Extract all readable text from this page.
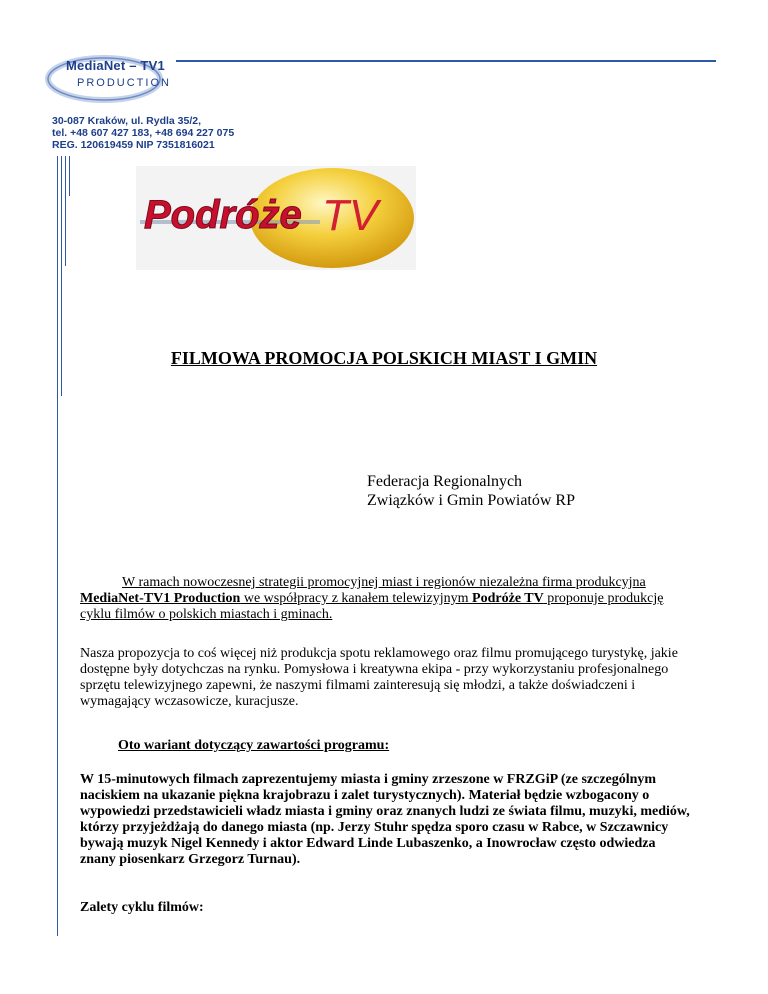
MediaNet – TV1
PRODUCTION
30-087 Kraków, ul. Rydla 35/2,
tel. +48 607 427 183, +48 694 227 075
REG. 120619459 NIP 7351816021
Podróże TV
FILMOWA PROMOCJA POLSKICH MIAST I GMIN
Federacja Regionalnych
Związków i Gmin Powiatów RP
W ramach nowoczesnej strategii promocyjnej miast i regionów niezależna firma produkcyjna MediaNet-TV1 Production we współpracy z kanałem telewizyjnym Podróże TV proponuje produkcję cyklu filmów o polskich miastach i gminach.
Nasza propozycja to coś więcej niż produkcja spotu reklamowego oraz filmu promującego turystykę, jakie dostępne były dotychczas na rynku. Pomysłowa i kreatywna ekipa - przy wykorzystaniu profesjonalnego sprzętu telewizyjnego zapewni, że naszymi filmami zainteresują się młodzi, a także doświadczeni i wymagający wczasowicze, kuracjusze.
Oto wariant dotyczący zawartości programu:
W 15-minutowych filmach zaprezentujemy miasta i gminy zrzeszone w FRZGiP (ze szczególnym naciskiem na ukazanie piękna krajobrazu i zalet turystycznych). Materiał będzie wzbogacony o wypowiedzi przedstawicieli władz miasta i gminy oraz znanych ludzi ze świata filmu, muzyki, mediów, którzy przyjeżdżają do danego miasta (np. Jerzy Stuhr spędza sporo czasu w Rabce, w Szczawnicy bywają muzyk Nigel Kennedy i aktor Edward Linde Lubaszenko, a Inowrocław często odwiedza znany piosenkarz Grzegorz Turnau).
Zalety cyklu filmów:
